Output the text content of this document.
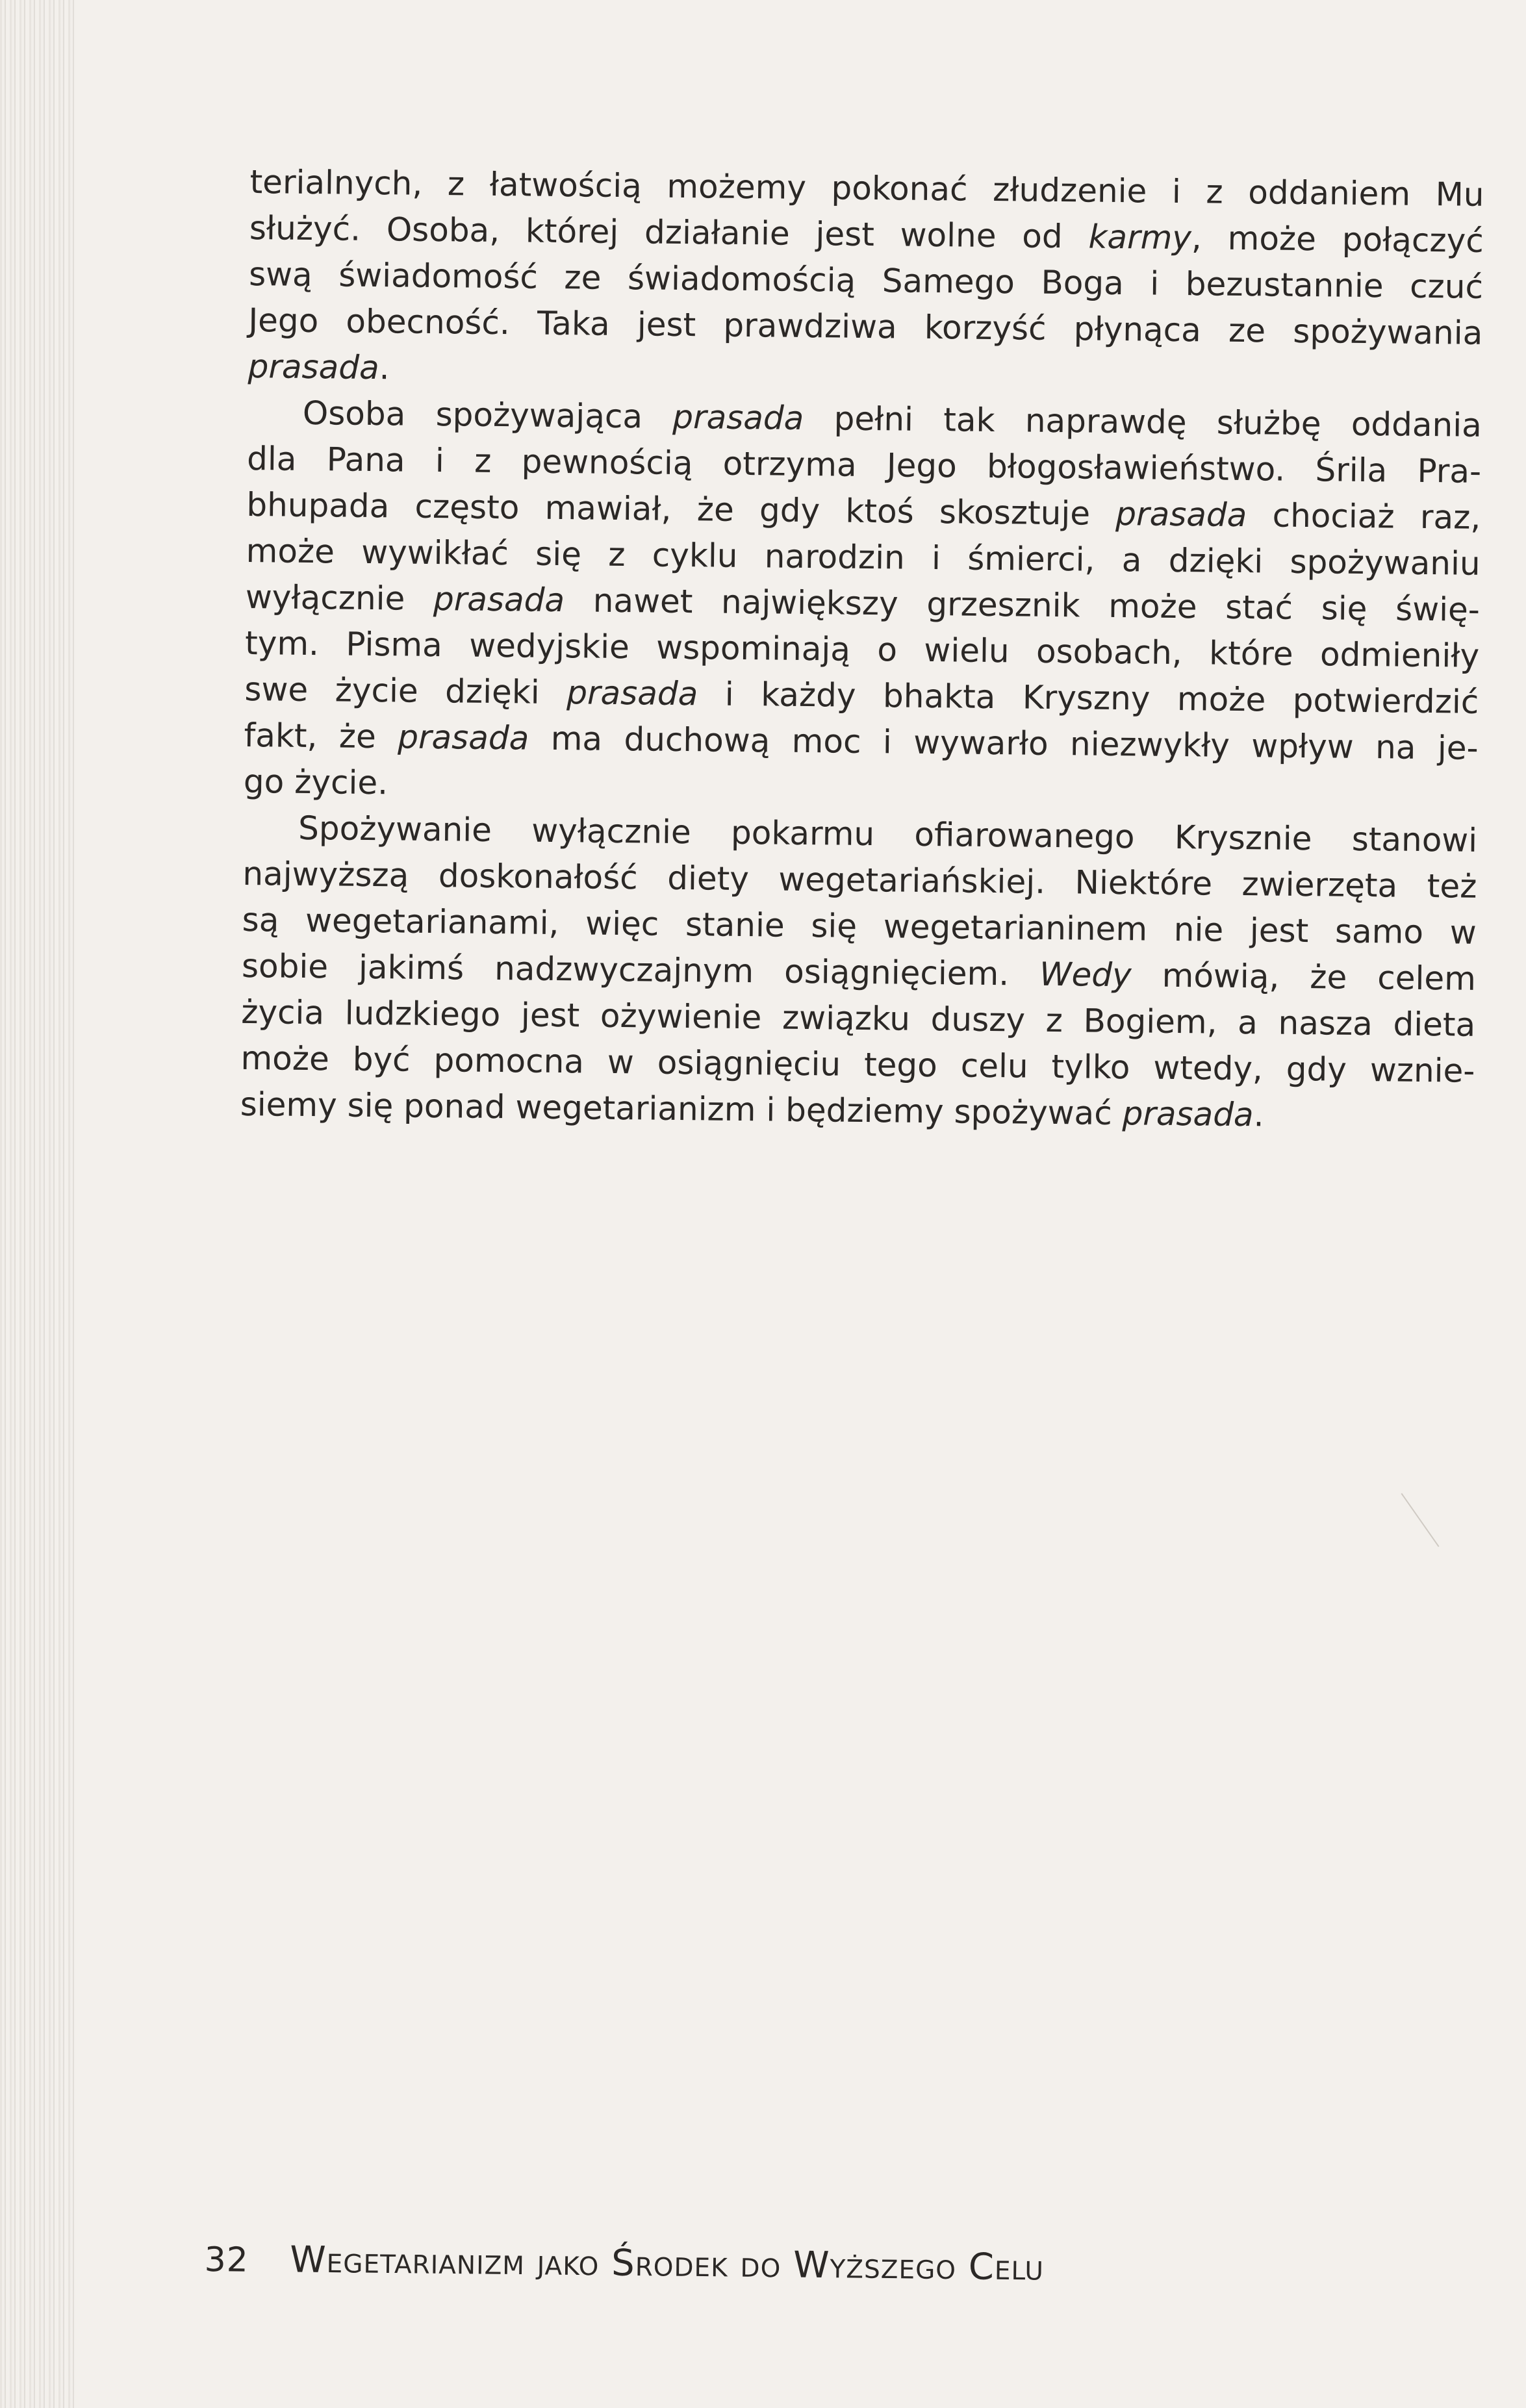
terialnych, z łatwością możemy pokonać złudzenie i z oddaniem Mu
służyć. Osoba, której działanie jest wolne od karmy, może połączyć
swą świadomość ze świadomością Samego Boga i bezustannie czuć
Jego obecność. Taka jest prawdziwa korzyść płynąca ze spożywania
prasada.
Osoba spożywająca prasada pełni tak naprawdę służbę oddania
dla Pana i z pewnością otrzyma Jego błogosławieństwo. Śrila Pra-
bhupada często mawiał, że gdy ktoś skosztuje prasada chociaż raz,
może wywikłać się z cyklu narodzin i śmierci, a dzięki spożywaniu
wyłącznie prasada nawet największy grzesznik może stać się świę-
tym. Pisma wedyjskie wspominają o wielu osobach, które odmieniły
swe życie dzięki prasada i każdy bhakta Kryszny może potwierdzić
fakt, że prasada ma duchową moc i wywarło niezwykły wpływ na je-
go życie.
Spożywanie wyłącznie pokarmu ofiarowanego Krysznie stanowi
najwyższą doskonałość diety wegetariańskiej. Niektóre zwierzęta też
są wegetarianami, więc stanie się wegetarianinem nie jest samo w
sobie jakimś nadzwyczajnym osiągnięciem. Wedy mówią, że celem
życia ludzkiego jest ożywienie związku duszy z Bogiem, a nasza dieta
może być pomocna w osiągnięciu tego celu tylko wtedy, gdy wznie-
siemy się ponad wegetarianizm i będziemy spożywać prasada.
32 Wegetarianizm jako Środek do Wyższego Celu
